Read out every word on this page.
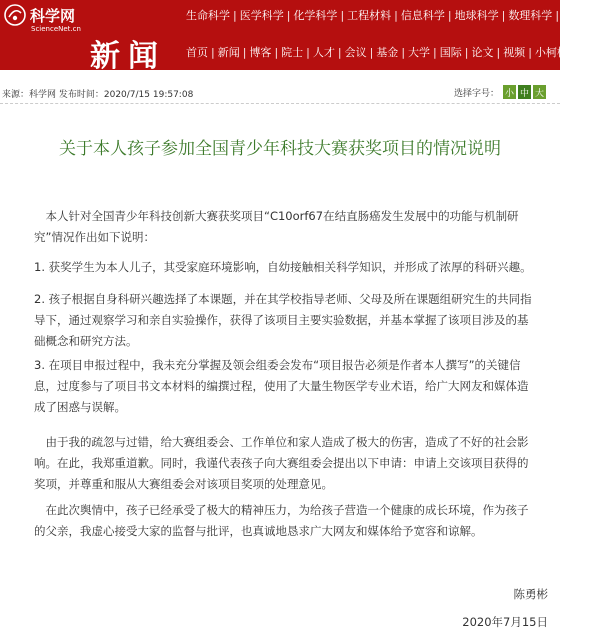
科学网
ScienceNet.cn
新闻
生命科学 | 医学科学 | 化学科学 | 工程材料 | 信息科学 | 地球科学 | 数理科学 | 管
首页 | 新闻 | 博客 | 院士 | 人才 | 会议 | 基金 | 大学 | 国际 | 论文 | 视频 | 小柯机器人
来源：科学网 发布时间：2020/7/15 19:57:08	选择字号： 小 中 大
关于本人孩子参加全国青少年科技大赛获奖项目的情况说明

本人针对全国青少年科技创新大赛获奖项目“C10orf67在结直肠癌发生发展中的功能与机制研究”情况作出如下说明：

1. 获奖学生为本人儿子，其受家庭环境影响，自幼接触相关科学知识，并形成了浓厚的科研兴趣。

2. 孩子根据自身科研兴趣选择了本课题，并在其学校指导老师、父母及所在课题组研究生的共同指导下，通过观察学习和亲自实验操作，获得了该项目主要实验数据，并基本掌握了该项目涉及的基础概念和研究方法。

3. 在项目申报过程中，我未充分掌握及领会组委会发布“项目报告必须是作者本人撰写”的关键信息，过度参与了项目书文本材料的编撰过程，使用了大量生物医学专业术语，给广大网友和媒体造成了困惑与误解。

由于我的疏忽与过错，给大赛组委会、工作单位和家人造成了极大的伤害，造成了不好的社会影响。在此，我郑重道歉。同时，我谨代表孩子向大赛组委会提出以下申请：申请上交该项目获得的奖项，并尊重和服从大赛组委会对该项目奖项的处理意见。

在此次舆情中，孩子已经承受了极大的精神压力，为给孩子营造一个健康的成长环境，作为孩子的父亲，我虚心接受大家的监督与批评，也真诚地恳求广大网友和媒体给予宽容和谅解。

陈勇彬
2020年7月15日
